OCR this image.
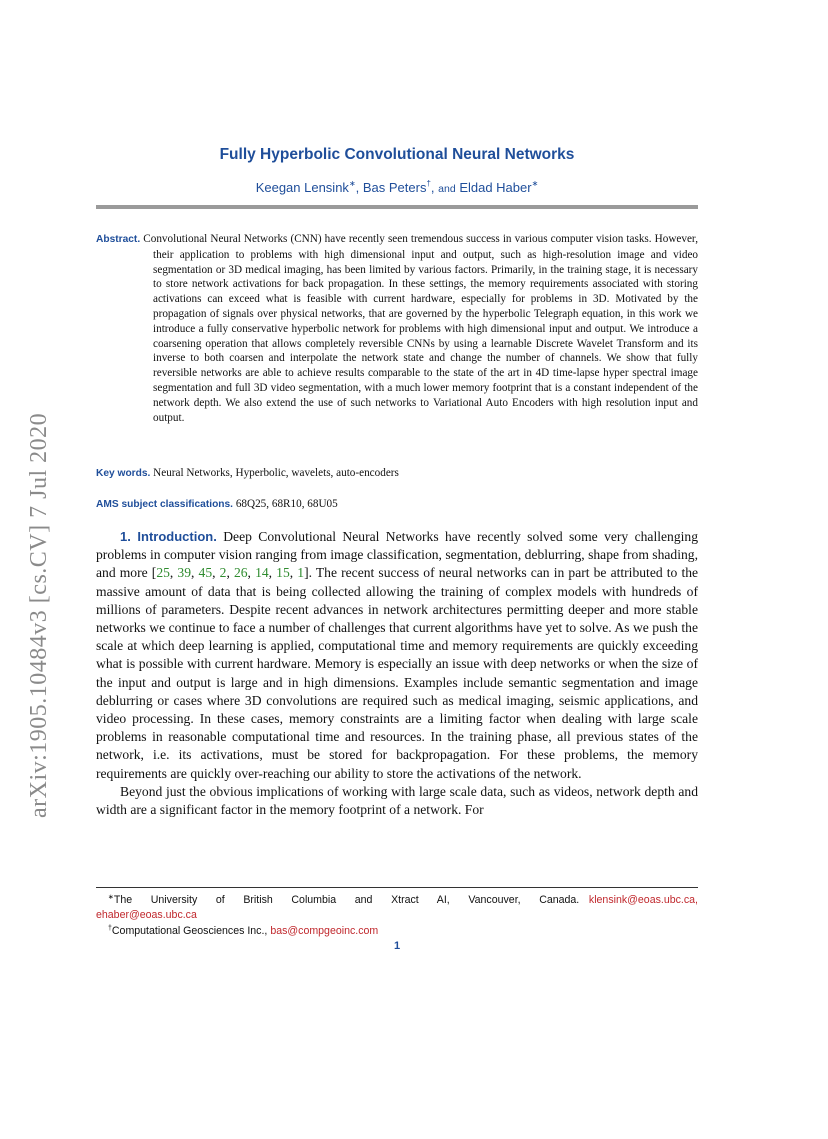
arXiv:1905.10484v3 [cs.CV] 7 Jul 2020
Fully Hyperbolic Convolutional Neural Networks
Keegan Lensink∗, Bas Peters†, and Eldad Haber∗
Abstract. Convolutional Neural Networks (CNN) have recently seen tremendous success in various computer vision tasks. However, their application to problems with high dimensional input and output, such as high-resolution image and video segmentation or 3D medical imaging, has been limited by various factors. Primarily, in the training stage, it is necessary to store network activations for back propagation. In these settings, the memory requirements associated with storing activations can exceed what is feasible with current hardware, especially for problems in 3D. Motivated by the propagation of signals over physical networks, that are governed by the hyperbolic Telegraph equation, in this work we introduce a fully conservative hyperbolic network for problems with high dimensional input and output. We introduce a coarsening operation that allows completely reversible CNNs by using a learnable Discrete Wavelet Transform and its inverse to both coarsen and interpolate the network state and change the number of channels. We show that fully reversible networks are able to achieve results comparable to the state of the art in 4D time-lapse hyper spectral image segmentation and full 3D video segmentation, with a much lower memory footprint that is a constant independent of the network depth. We also extend the use of such networks to Variational Auto Encoders with high resolution input and output.
Key words. Neural Networks, Hyperbolic, wavelets, auto-encoders
AMS subject classifications. 68Q25, 68R10, 68U05

1. Introduction. Deep Convolutional Neural Networks have recently solved some very challenging problems in computer vision ranging from image classification, segmentation, deblurring, shape from shading, and more [25, 39, 45, 2, 26, 14, 15, 1]. The recent success of neural networks can in part be attributed to the massive amount of data that is being collected allowing the training of complex models with hundreds of millions of parameters. Despite recent advances in network architectures permitting deeper and more stable networks we continue to face a number of challenges that current algorithms have yet to solve. As we push the scale at which deep learning is applied, computational time and memory requirements are quickly exceeding what is possible with current hardware. Memory is especially an issue with deep networks or when the size of the input and output is large and in high dimensions. Examples include semantic segmentation and image deblurring or cases where 3D convolutions are required such as medical imaging, seismic applications, and video processing. In these cases, memory constraints are a limiting factor when dealing with large scale problems in reasonable computational time and resources. In the training phase, all previous states of the network, i.e. its activations, must be stored for backpropagation. For these problems, the memory requirements are quickly over-reaching our ability to store the activations of the network.

Beyond just the obvious implications of working with large scale data, such as videos, network depth and width are a significant factor in the memory footprint of a network. For

∗The University of British Columbia and Xtract AI, Vancouver, Canada. klensink@eoas.ubc.ca, ehaber@eoas.ubc.ca
†Computational Geosciences Inc., bas@compgeoinc.com
1
